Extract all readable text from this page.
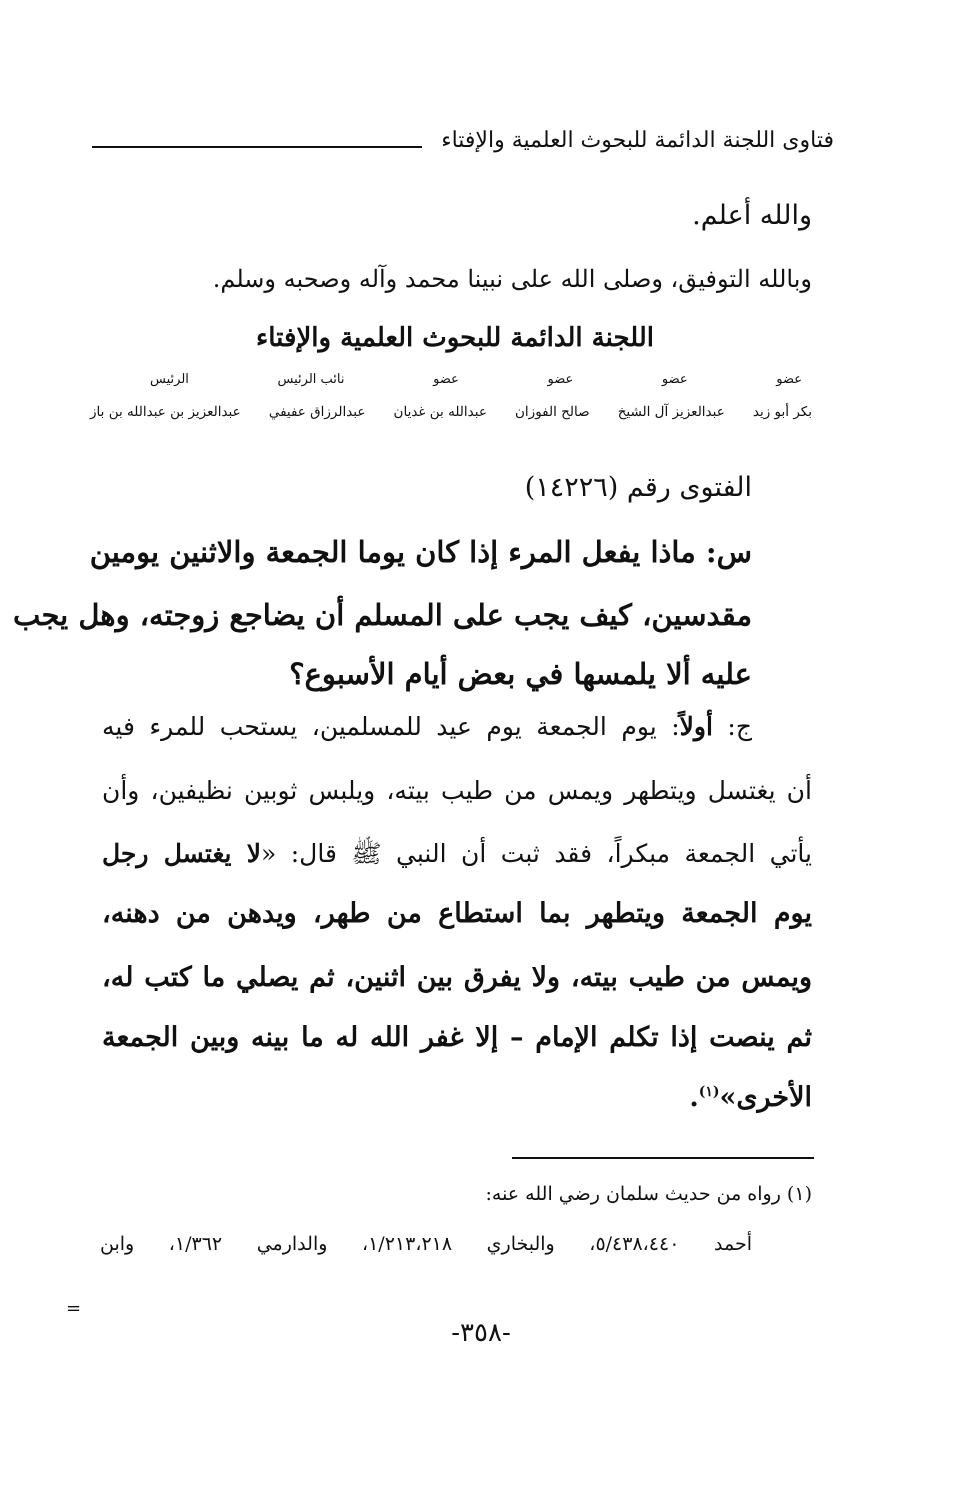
فتاوى اللجنة الدائمة للبحوث العلمية والإفتاء
والله أعلم.
وبالله التوفيق، وصلى الله على نبينا محمد وآله وصحبه وسلم.
اللجنة الدائمة للبحوث العلمية والإفتاء
عضو
عضو
عضو
عضو
نائب الرئيس
الرئيس
بكر أبو زيد
عبدالعزيز آل الشيخ
صالح الفوزان
عبدالله بن غديان
عبدالرزاق عفيفي
عبدالعزيز بن عبدالله بن باز
الفتوى رقم (١٤٢٢٦)
س: ماذا يفعل المرء إذا كان يوما الجمعة والاثنين يومين
مقدسين، كيف يجب على المسلم أن يضاجع زوجته، وهل يجب
عليه ألا يلمسها في بعض أيام الأسبوع؟
ج: أولاً: يوم الجمعة يوم عيد للمسلمين، يستحب للمرء فيه
أن يغتسل ويتطهر ويمس من طيب بيته، ويلبس ثوبين نظيفين، وأن
يأتي الجمعة مبكراً، فقد ثبت أن النبي ﷺ قال: «لا يغتسل رجل
يوم الجمعة ويتطهر بما استطاع من طهر، ويدهن من دهنه،
ويمس من طيب بيته، ولا يفرق بين اثنين، ثم يصلي ما كتب له،
ثم ينصت إذا تكلم الإمام – إلا غفر الله له ما بينه وبين الجمعة
الأخرى»$^{(١)}$.
(١) رواه من حديث سلمان رضي الله عنه:
أحمد ٥/٤٣٨،٤٤٠، والبخاري ١/٢١٣،٢١٨، والدارمي ١/٣٦٢، وابن
=
-٣٥٨-
